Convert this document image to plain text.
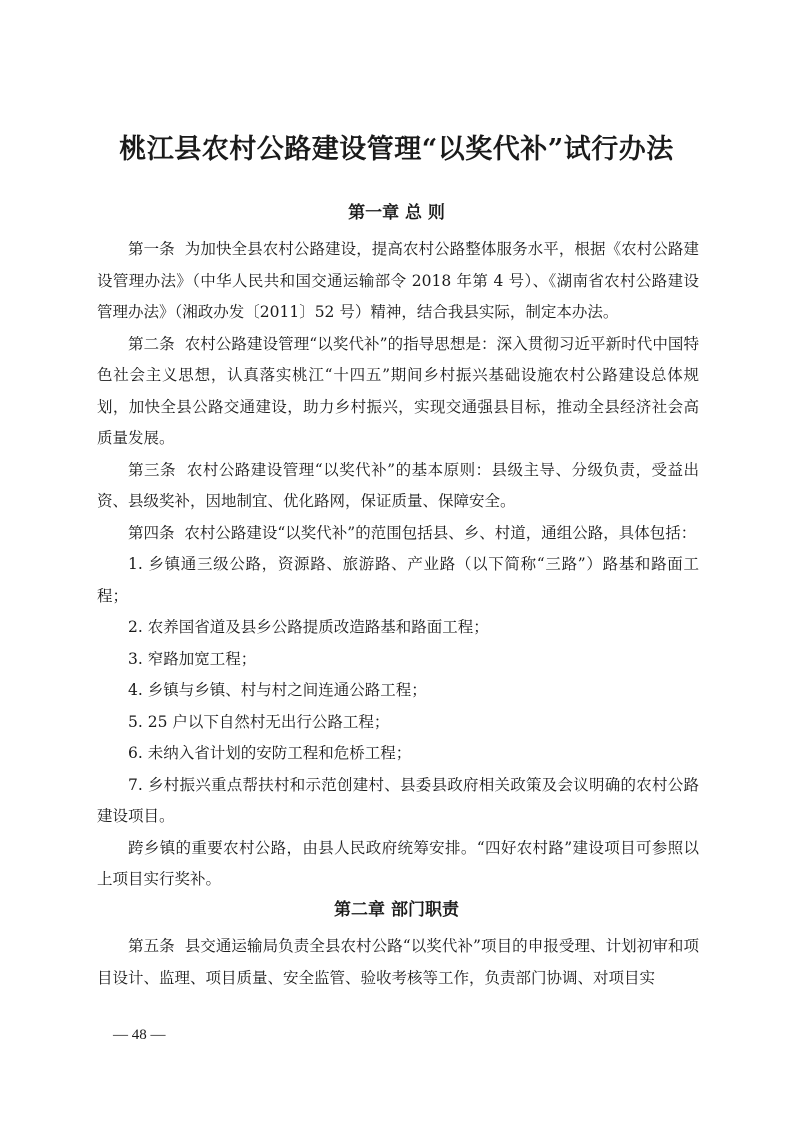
桃江县农村公路建设管理“以奖代补”试行办法
第一章 总 则

第一条 为加快全县农村公路建设，提高农村公路整体服务水平，根据《农村公路建设管理办法》（中华人民共和国交通运输部令 2018 年第 4 号）、《湖南省农村公路建设管理办法》（湘政办发〔2011〕52 号）精神，结合我县实际，制定本办法。

第二条 农村公路建设管理“以奖代补”的指导思想是：深入贯彻习近平新时代中国特色社会主义思想，认真落实桃江“十四五”期间乡村振兴基础设施农村公路建设总体规划，加快全县公路交通建设，助力乡村振兴，实现交通强县目标，推动全县经济社会高质量发展。

第三条 农村公路建设管理“以奖代补”的基本原则：县级主导、分级负责，受益出资、县级奖补，因地制宜、优化路网，保证质量、保障安全。

第四条 农村公路建设“以奖代补”的范围包括县、乡、村道，通组公路，具体包括：

1. 乡镇通三级公路，资源路、旅游路、产业路（以下简称“三路”）路基和路面工程；

2. 农养国省道及县乡公路提质改造路基和路面工程；

3. 窄路加宽工程；

4. 乡镇与乡镇、村与村之间连通公路工程；

5. 25 户以下自然村无出行公路工程；

6. 未纳入省计划的安防工程和危桥工程；

7. 乡村振兴重点帮扶村和示范创建村、县委县政府相关政策及会议明确的农村公路建设项目。

跨乡镇的重要农村公路，由县人民政府统筹安排。“四好农村路”建设项目可参照以上项目实行奖补。

第二章 部门职责

第五条 县交通运输局负责全县农村公路“以奖代补”项目的申报受理、计划初审和项目设计、监理、项目质量、安全监管、验收考核等工作，负责部门协调、对项目实

— 48 —
